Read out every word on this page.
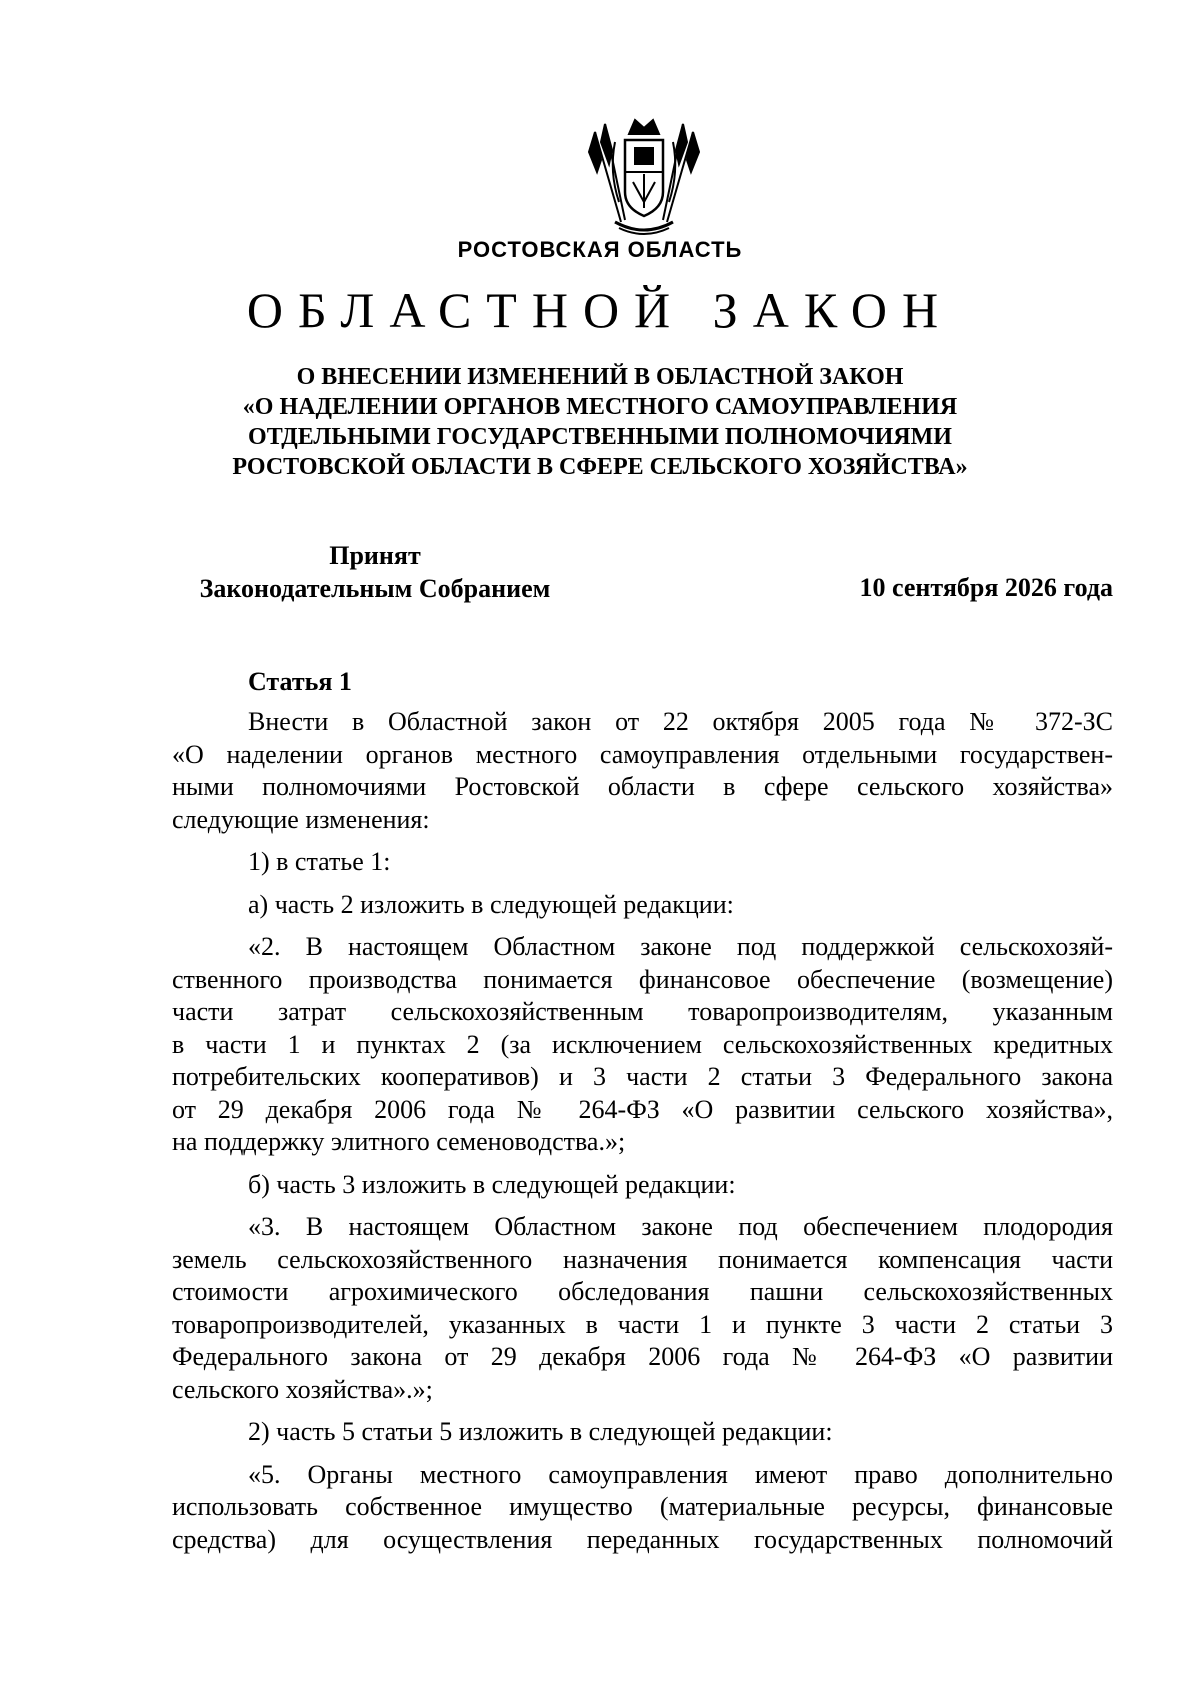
РОСТОВСКАЯ ОБЛАСТЬ
ОБЛАСТНОЙ ЗАКОН
О ВНЕСЕНИИ ИЗМЕНЕНИЙ В ОБЛАСТНОЙ ЗАКОН
«О НАДЕЛЕНИИ ОРГАНОВ МЕСТНОГО САМОУПРАВЛЕНИЯ
ОТДЕЛЬНЫМИ ГОСУДАРСТВЕННЫМИ ПОЛНОМОЧИЯМИ
РОСТОВСКОЙ ОБЛАСТИ В СФЕРЕ СЕЛЬСКОГО ХОЗЯЙСТВА»
Принят
Законодательным Собранием	10 сентября 2026 года
Статья 1
Внести в Областной закон от 22 октября 2005 года № 372-ЗС
«О наделении органов местного самоуправления отдельными государствен-
ными полномочиями Ростовской области в сфере сельского хозяйства»
следующие изменения:
1) в статье 1:
а) часть 2 изложить в следующей редакции:
«2. В настоящем Областном законе под поддержкой сельскохозяй-
ственного производства понимается финансовое обеспечение (возмещение)
части затрат сельскохозяйственным товаропроизводителям, указанным
в части 1 и пунктах 2 (за исключением сельскохозяйственных кредитных
потребительских кооперативов) и 3 части 2 статьи 3 Федерального закона
от 29 декабря 2006 года № 264-ФЗ «О развитии сельского хозяйства»,
на поддержку элитного семеноводства.»;
б) часть 3 изложить в следующей редакции:
«3. В настоящем Областном законе под обеспечением плодородия
земель сельскохозяйственного назначения понимается компенсация части
стоимости агрохимического обследования пашни сельскохозяйственных
товаропроизводителей, указанных в части 1 и пункте 3 части 2 статьи 3
Федерального закона от 29 декабря 2006 года № 264-ФЗ «О развитии
сельского хозяйства».»;
2) часть 5 статьи 5 изложить в следующей редакции:
«5. Органы местного самоуправления имеют право дополнительно
использовать собственное имущество (материальные ресурсы, финансовые
средства) для осуществления переданных государственных полномочий
